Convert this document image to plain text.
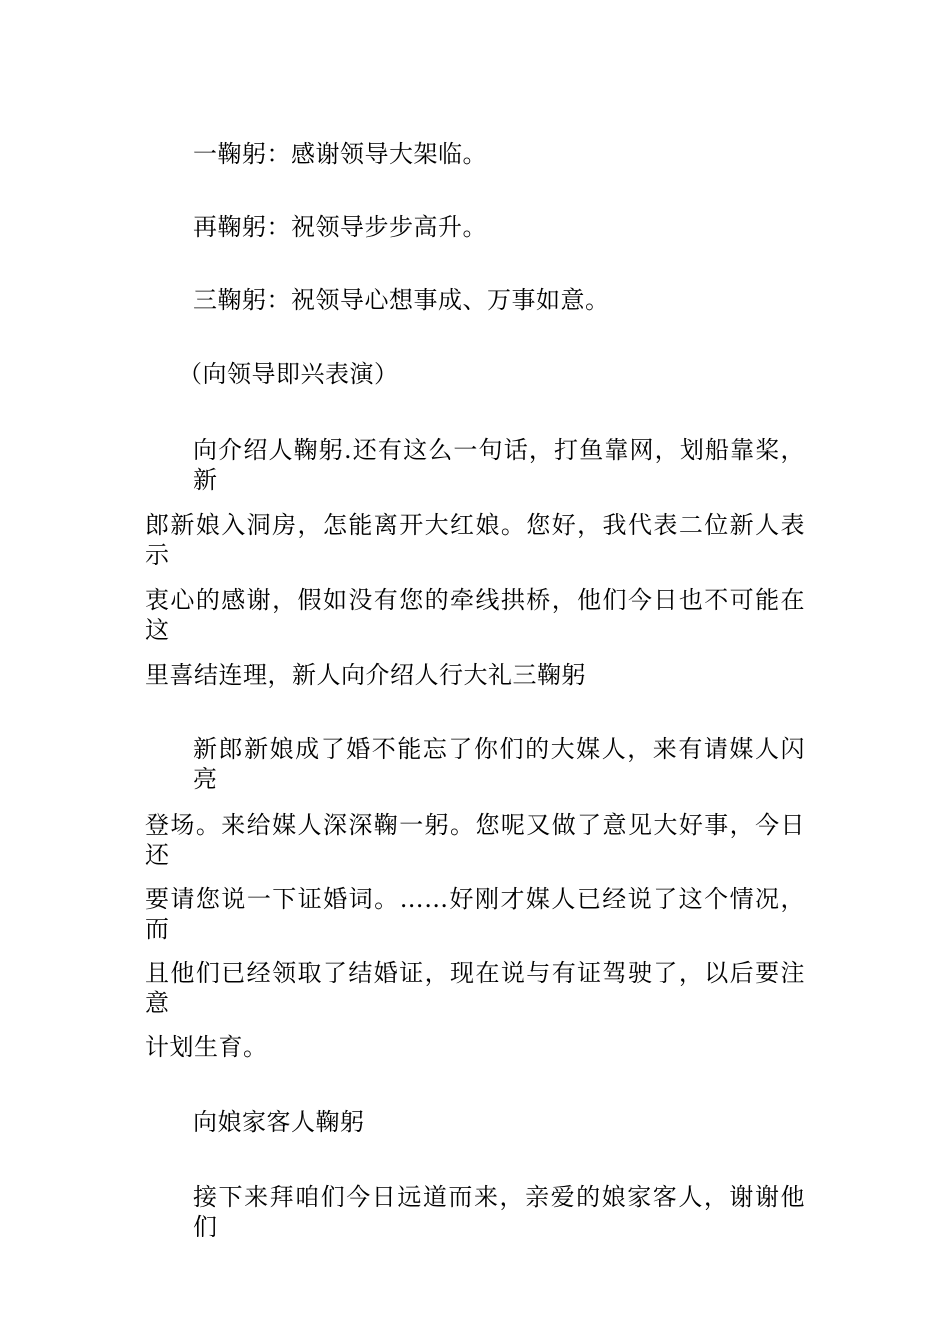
一鞠躬：感谢领导大架临。
再鞠躬：祝领导步步高升。
三鞠躬：祝领导心想事成、万事如意。
（向领导即兴表演）
向介绍人鞠躬.还有这么一句话，打鱼靠网，划船靠桨，新
郎新娘入洞房，怎能离开大红娘。您好，我代表二位新人表示
衷心的感谢，假如没有您的牵线拱桥，他们今日也不可能在这
里喜结连理，新人向介绍人行大礼三鞠躬
新郎新娘成了婚不能忘了你们的大媒人，来有请媒人闪亮
登场。来给媒人深深鞠一躬。您呢又做了意见大好事，今日还
要请您说一下证婚词。……好刚才媒人已经说了这个情况，而
且他们已经领取了结婚证，现在说与有证驾驶了，以后要注意
计划生育。
向娘家客人鞠躬
接下来拜咱们今日远道而来，亲爱的娘家客人，谢谢他们
